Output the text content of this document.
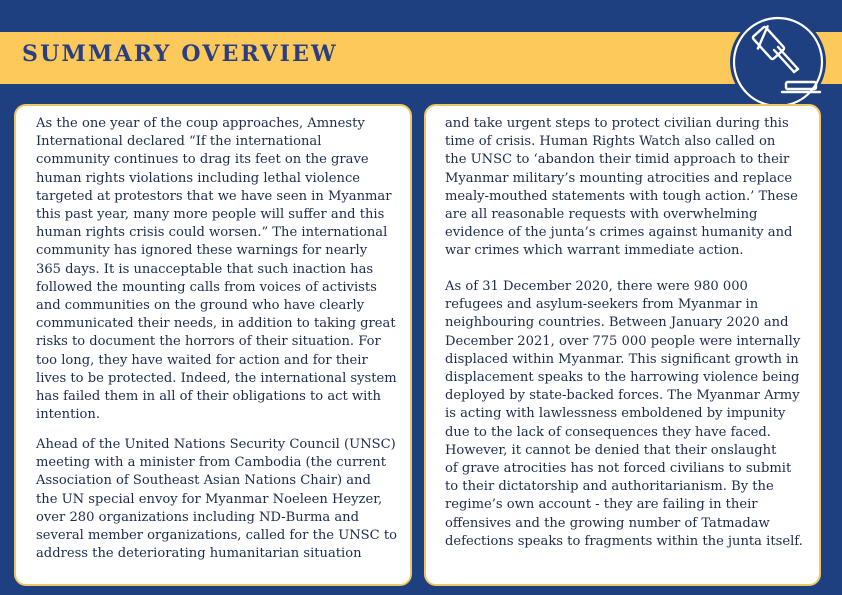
SUMMARY OVERVIEW

As the one year of the coup approaches, Amnesty
International declared “If the international
community continues to drag its feet on the grave
human rights violations including lethal violence
targeted at protestors that we have seen in Myanmar
this past year, many more people will suffer and this
human rights crisis could worsen.” The international
community has ignored these warnings for nearly
365 days. It is unacceptable that such inaction has
followed the mounting calls from voices of activists
and communities on the ground who have clearly
communicated their needs, in addition to taking great
risks to document the horrors of their situation. For
too long, they have waited for action and for their
lives to be protected. Indeed, the international system
has failed them in all of their obligations to act with
intention.

Ahead of the United Nations Security Council (UNSC)
meeting with a minister from Cambodia (the current
Association of Southeast Asian Nations Chair) and
the UN special envoy for Myanmar Noeleen Heyzer,
over 280 organizations including ND-Burma and
several member organizations, called for the UNSC to
address the deteriorating humanitarian situation

and take urgent steps to protect civilian during this
time of crisis. Human Rights Watch also called on
the UNSC to ‘abandon their timid approach to their
Myanmar military’s mounting atrocities and replace
mealy-mouthed statements with tough action.’ These
are all reasonable requests with overwhelming
evidence of the junta’s crimes against humanity and
war crimes which warrant immediate action.

As of 31 December 2020, there were 980 000
refugees and asylum-seekers from Myanmar in
neighbouring countries. Between January 2020 and
December 2021, over 775 000 people were internally
displaced within Myanmar. This significant growth in
displacement speaks to the harrowing violence being
deployed by state-backed forces. The Myanmar Army
is acting with lawlessness emboldened by impunity
due to the lack of consequences they have faced.
However, it cannot be denied that their onslaught
of grave atrocities has not forced civilians to submit
to their dictatorship and authoritarianism. By the
regime’s own account - they are failing in their
offensives and the growing number of Tatmadaw
defections speaks to fragments within the junta itself.
